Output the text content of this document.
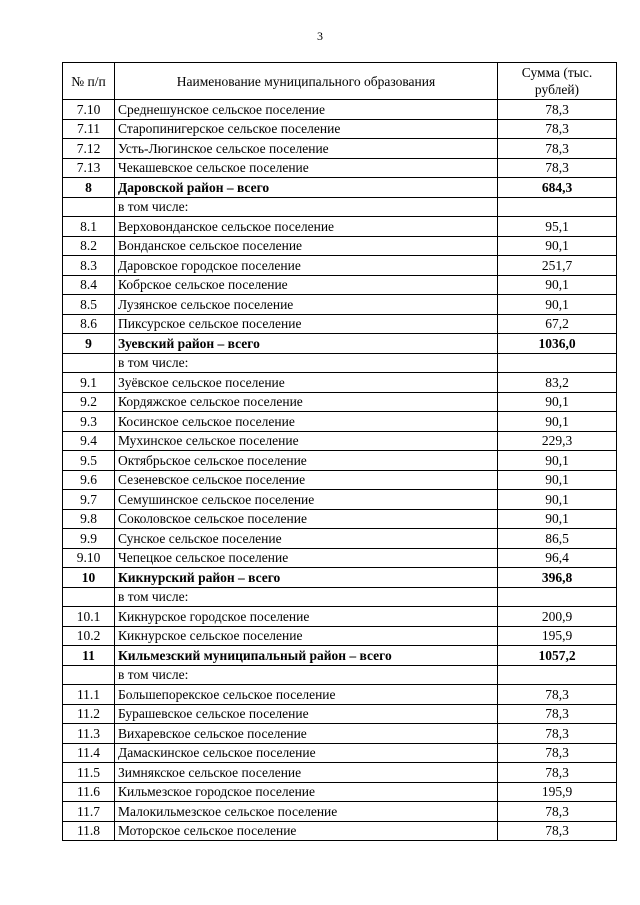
3
№ п/п	Наименование муниципального образования	Сумма (тыс. рублей)
7.10	Среднешунское сельское поселение	78,3
7.11	Старопинигерское сельское поселение	78,3
7.12	Усть-Люгинское сельское поселение	78,3
7.13	Чекашевское сельское поселение	78,3
8	Даровской район – всего	684,3
	в том числе:	
8.1	Верховонданское сельское поселение	95,1
8.2	Вонданское сельское поселение	90,1
8.3	Даровское городское поселение	251,7
8.4	Кобрское сельское поселение	90,1
8.5	Лузянское сельское поселение	90,1
8.6	Пиксурское сельское поселение	67,2
9	Зуевский район – всего	1036,0
	в том числе:	
9.1	Зуёвское сельское поселение	83,2
9.2	Кордяжское сельское поселение	90,1
9.3	Косинское сельское поселение	90,1
9.4	Мухинское сельское поселение	229,3
9.5	Октябрьское сельское поселение	90,1
9.6	Сезеневское сельское поселение	90,1
9.7	Семушинское сельское поселение	90,1
9.8	Соколовское сельское поселение	90,1
9.9	Сунское сельское поселение	86,5
9.10	Чепецкое сельское поселение	96,4
10	Кикнурский район – всего	396,8
	в том числе:	
10.1	Кикнурское городское поселение	200,9
10.2	Кикнурское сельское поселение	195,9
11	Кильмезский муниципальный район – всего	1057,2
	в том числе:	
11.1	Большепорекское сельское поселение	78,3
11.2	Бурашевское сельское поселение	78,3
11.3	Вихаревское сельское поселение	78,3
11.4	Дамаскинское сельское поселение	78,3
11.5	Зимнякское сельское поселение	78,3
11.6	Кильмезское городское поселение	195,9
11.7	Малокильмезское сельское поселение	78,3
11.8	Моторское сельское поселение	78,3
